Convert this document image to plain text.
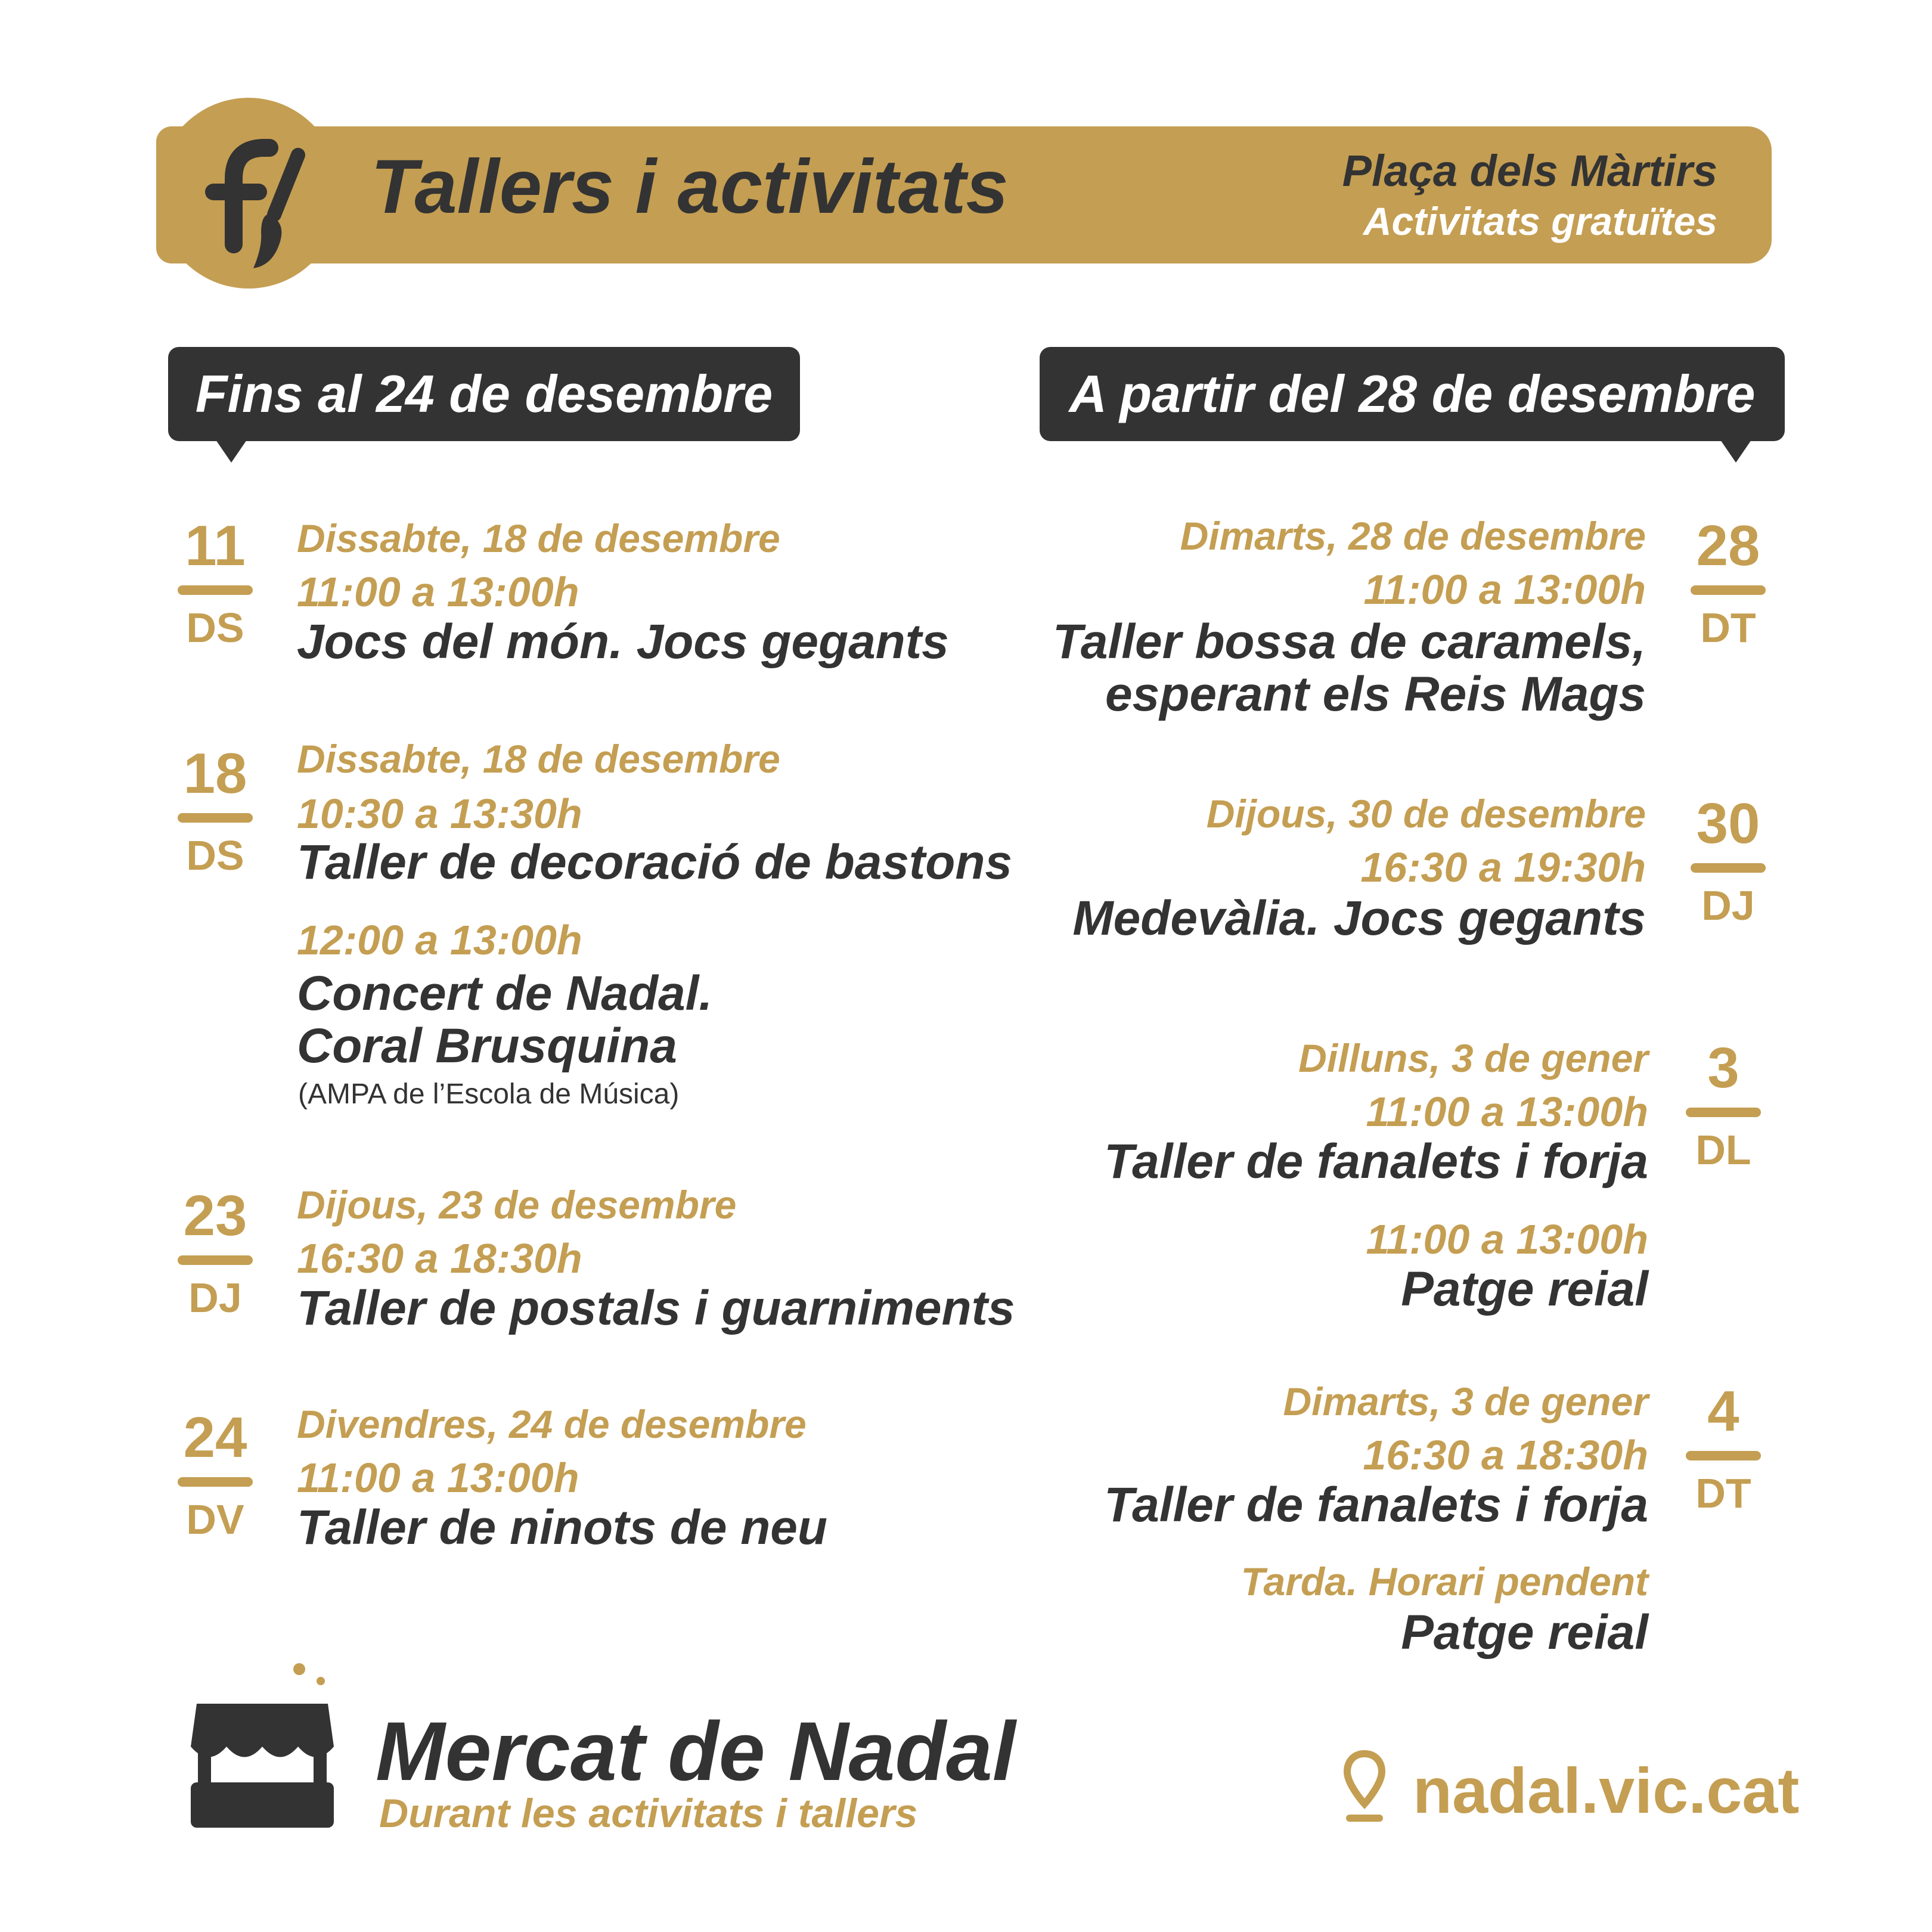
Tallers i activitats	Plaça dels Màrtirs
Activitats gratuïtes
Fins al 24 de desembre	A partir del 28 de desembre
11
DS
Dissabte, 18 de desembre
11:00 a 13:00h
Jocs del món. Jocs gegants
18
DS
Dissabte, 18 de desembre
10:30 a 13:30h
Taller de decoració de bastons
12:00 a 13:00h
Concert de Nadal.
Coral Brusquina
(AMPA de l’Escola de Música)
23
DJ
Dijous, 23 de desembre
16:30 a 18:30h
Taller de postals i guarniments
24
DV
Divendres, 24 de desembre
11:00 a 13:00h
Taller de ninots de neu
28
DT
Dimarts, 28 de desembre
11:00 a 13:00h
Taller bossa de caramels,
esperant els Reis Mags
30
DJ
Dijous, 30 de desembre
16:30 a 19:30h
Medevàlia. Jocs gegants
3
DL
Dilluns, 3 de gener
11:00 a 13:00h
Taller de fanalets i forja
11:00 a 13:00h
Patge reial
4
DT
Dimarts, 3 de gener
16:30 a 18:30h
Taller de fanalets i forja
Tarda. Horari pendent
Patge reial
Mercat de Nadal
Durant les activitats i tallers	nadal.vic.cat
